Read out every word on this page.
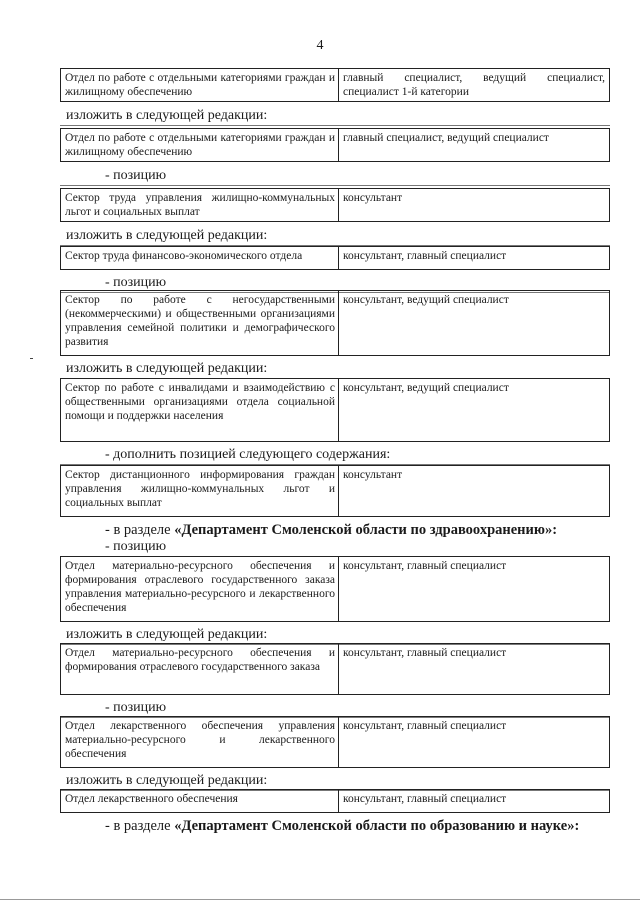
4
Отдел по работе с отдельными категориями граждан и жилищному обеспечению
главный специалист, ведущий специалист, специалист 1-й категории
изложить в следующей редакции:
Отдел по работе с отдельными категориями граждан и жилищному обеспечению
главный специалист, ведущий специалист
- позицию
Сектор труда управления жилищно-коммунальных льгот и социальных выплат
консультант
изложить в следующей редакции:
Сектор труда финансово-экономического отдела	консультант, главный специалист
- позицию
Сектор по работе с негосударственными (некоммерческими) и общественными организациями управления семейной политики и демографического развития
консультант, ведущий специалист
изложить в следующей редакции:
Сектор по работе с инвалидами и взаимодействию с общественными организациями отдела социальной помощи и поддержки населения
консультант, ведущий специалист
- дополнить позицией следующего содержания:
Сектор дистанционного информирования граждан управления жилищно-коммунальных льгот и социальных выплат
консультант
- в разделе «Департамент Смоленской области по здравоохранению»:
- позицию
Отдел материально-ресурсного обеспечения и формирования отраслевого государственного заказа управления материально-ресурсного и лекарственного обеспечения
консультант, главный специалист
изложить в следующей редакции:
Отдел материально-ресурсного обеспечения и формирования отраслевого государственного заказа
консультант, главный специалист
- позицию
Отдел лекарственного обеспечения управления материально-ресурсного и лекарственного обеспечения
консультант, главный специалист
изложить в следующей редакции:
Отдел лекарственного обеспечения	консультант, главный специалист
- в разделе «Департамент Смоленской области по образованию и науке»:
